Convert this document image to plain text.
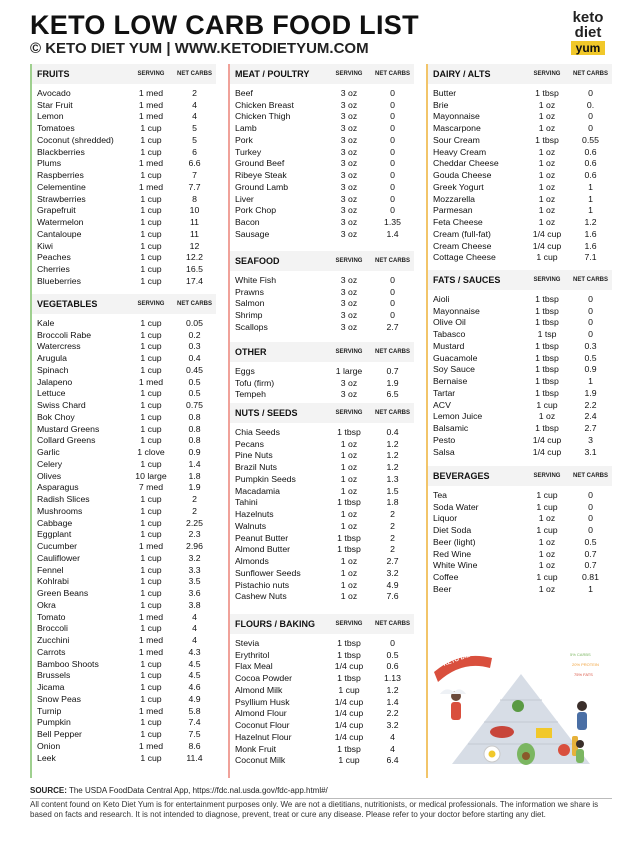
KETO LOW CARB FOOD LIST
© KETO DIET YUM | WWW.KETODIETYUM.COM
keto
diet
yum
FRUITS	SERVING	NET CARBS
Avocado	1 med	2
Star Fruit	1 med	4
Lemon	1 med	4
Tomatoes	1 cup	5
Coconut (shredded)	1 cup	5
Blackberries	1 cup	6
Plums	1 med	6.6
Raspberries	1 cup	7
Celementine	1 med	7.7
Strawberries	1 cup	8
Grapefruit	1 cup	10
Watermelon	1 cup	11
Cantaloupe	1 cup	11
Kiwi	1 cup	12
Peaches	1 cup	12.2
Cherries	1 cup	16.5
Blueberries	1 cup	17.4
VEGETABLES	SERVING	NET CARBS
Kale	1 cup	0.05
Broccoli Rabe	1 cup	0.2
Watercress	1 cup	0.3
Arugula	1 cup	0.4
Spinach	1 cup	0.45
Jalapeno	1 med	0.5
Lettuce	1 cup	0.5
Swiss Chard	1 cup	0.75
Bok Choy	1 cup	0.8
Mustard Greens	1 cup	0.8
Collard Greens	1 cup	0.8
Garlic	1 clove	0.9
Celery	1 cup	1.4
Olives	10 large	1.8
Asparagus	7 med	1.9
Radish Slices	1 cup	2
Mushrooms	1 cup	2
Cabbage	1 cup	2.25
Eggplant	1 cup	2.3
Cucumber	1 med	2.96
Cauliflower	1 cup	3.2
Fennel	1 cup	3.3
Kohlrabi	1 cup	3.5
Green Beans	1 cup	3.6
Okra	1 cup	3.8
Tomato	1 med	4
Broccoli	1 cup	4
Zucchini	1 med	4
Carrots	1 med	4.3
Bamboo Shoots	1 cup	4.5
Brussels	1 cup	4.5
Jicama	1 cup	4.6
Snow Peas	1 cup	4.9
Turnip	1 med	5.8
Pumpkin	1 cup	7.4
Bell Pepper	1 cup	7.5
Onion	1 med	8.6
Leek	1 cup	11.4
MEAT / POULTRY	SERVING	NET CARBS
Beef	3 oz	0
Chicken Breast	3 oz	0
Chicken Thigh	3 oz	0
Lamb	3 oz	0
Pork	3 oz	0
Turkey	3 oz	0
Ground Beef	3 oz	0
Ribeye Steak	3 oz	0
Ground Lamb	3 oz	0
Liver	3 oz	0
Pork Chop	3 oz	0
Bacon	3 oz	1.35
Sausage	3 oz	1.4
SEAFOOD	SERVING	NET CARBS
White Fish	3 oz	0
Prawns	3 oz	0
Salmon	3 oz	0
Shrimp	3 oz	0
Scallops	3 oz	2.7
OTHER	SERVING	NET CARBS
Eggs	1 large	0.7
Tofu (firm)	3 oz	1.9
Tempeh	3 oz	6.5
NUTS / SEEDS	SERVING	NET CARBS
Chia Seeds	1 tbsp	0.4
Pecans	1 oz	1.2
Pine Nuts	1 oz	1.2
Brazil Nuts	1 oz	1.2
Pumpkin Seeds	1 oz	1.3
Macadamia	1 oz	1.5
Tahini	1 tbsp	1.8
Hazelnuts	1 oz	2
Walnuts	1 oz	2
Peanut Butter	1 tbsp	2
Almond Butter	1 tbsp	2
Almonds	1 oz	2.7
Sunflower Seeds	1 oz	3.2
Pistachio nuts	1 oz	4.9
Cashew Nuts	1 oz	7.6
FLOURS / BAKING	SERVING	NET CARBS
Stevia	1 tbsp	0
Erythritol	1 tbsp	0.5
Flax Meal	1/4 cup	0.6
Cocoa Powder	1 tbsp	1.13
Almond Milk	1 cup	1.2
Psyllium Husk	1/4 cup	1.4
Almond Flour	1/4 cup	2.2
Coconut Flour	1/4 cup	3.2
Hazelnut Flour	1/4 cup	4
Monk Fruit	1 tbsp	4
Coconut Milk	1 cup	6.4
DAIRY / ALTS	SERVING	NET CARBS
Butter	1 tbsp	0
Brie	1 oz	0.
Mayonnaise	1 oz	0
Mascarpone	1 oz	0
Sour Cream	1 tbsp	0.55
Heavy Cream	1 oz	0.6
Cheddar Cheese	1 oz	0.6
Gouda Cheese	1 oz	0.6
Greek Yogurt	1 oz	1
Mozzarella	1 oz	1
Parmesan	1 oz	1
Feta Cheese	1 oz	1.2
Cream (full-fat)	1/4 cup	1.6
Cream Cheese	1/4 cup	1.6
Cottage Cheese	1 cup	7.1
FATS / SAUCES	SERVING	NET CARBS
Aioli	1 tbsp	0
Mayonnaise	1 tbsp	0
Olive Oil	1 tbsp	0
Tabasco	1 tsp	0
Mustard	1 tbsp	0.3
Guacamole	1 tbsp	0.5
Soy Sauce	1 tbsp	0.9
Bernaise	1 tbsp	1
Tartar	1 tbsp	1.9
ACV	1 cup	2.2
Lemon Juice	1 oz	2.4
Balsamic	1 tbsp	2.7
Pesto	1/4 cup	3
Salsa	1/4 cup	3.1
BEVERAGES	SERVING	NET CARBS
Tea	1 cup	0
Soda Water	1 cup	0
Liquor	1 oz	0
Diet Soda	1 cup	0
Beer (light)	1 oz	0.5
Red Wine	1 oz	0.7
White Wine	1 oz	0.7
Coffee	1 cup	0.81
Beer	1 oz	1
KETO DIET	5% CARBS
20% PROTEIN
75% FATS
SOURCE: The USDA FoodData Central App, https://fdc.nal.usda.gov/fdc-app.html#/
All content found on Keto Diet Yum is for entertainment purposes only. We are not a dietitians, nutritionists, or medical professionals. The information we share is based on facts and research. It is not intended to diagnose, prevent, treat or cure any disease. Please refer to your doctor before starting any diet.
